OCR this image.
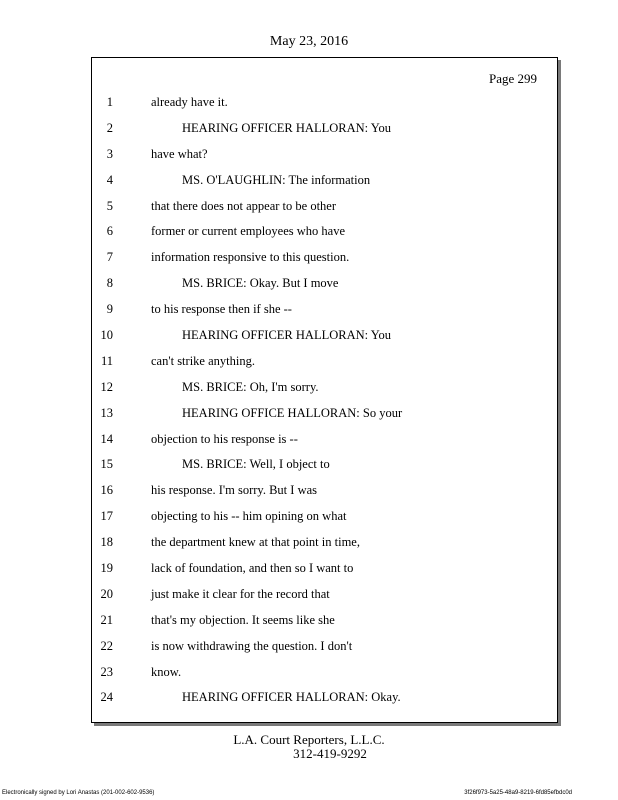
May 23, 2016
Page 299
1	already have it.
2	HEARING OFFICER HALLORAN: You
3	have what?
4	MS. O'LAUGHLIN: The information
5	that there does not appear to be other
6	former or current employees who have
7	information responsive to this question.
8	MS. BRICE: Okay. But I move
9	to his response then if she --
10	HEARING OFFICER HALLORAN: You
11	can't strike anything.
12	MS. BRICE: Oh, I'm sorry.
13	HEARING OFFICE HALLORAN: So your
14	objection to his response is --
15	MS. BRICE: Well, I object to
16	his response. I'm sorry. But I was
17	objecting to his -- him opining on what
18	the department knew at that point in time,
19	lack of foundation, and then so I want to
20	just make it clear for the record that
21	that's my objection. It seems like she
22	is now withdrawing the question. I don't
23	know.
24	HEARING OFFICER HALLORAN: Okay.
L.A. Court Reporters, L.L.C.
312-419-9292
Electronically signed by Lori Anastas (201-002-602-9536)	3f26f973-5a25-48a9-8219-6fd85efbdc0d
